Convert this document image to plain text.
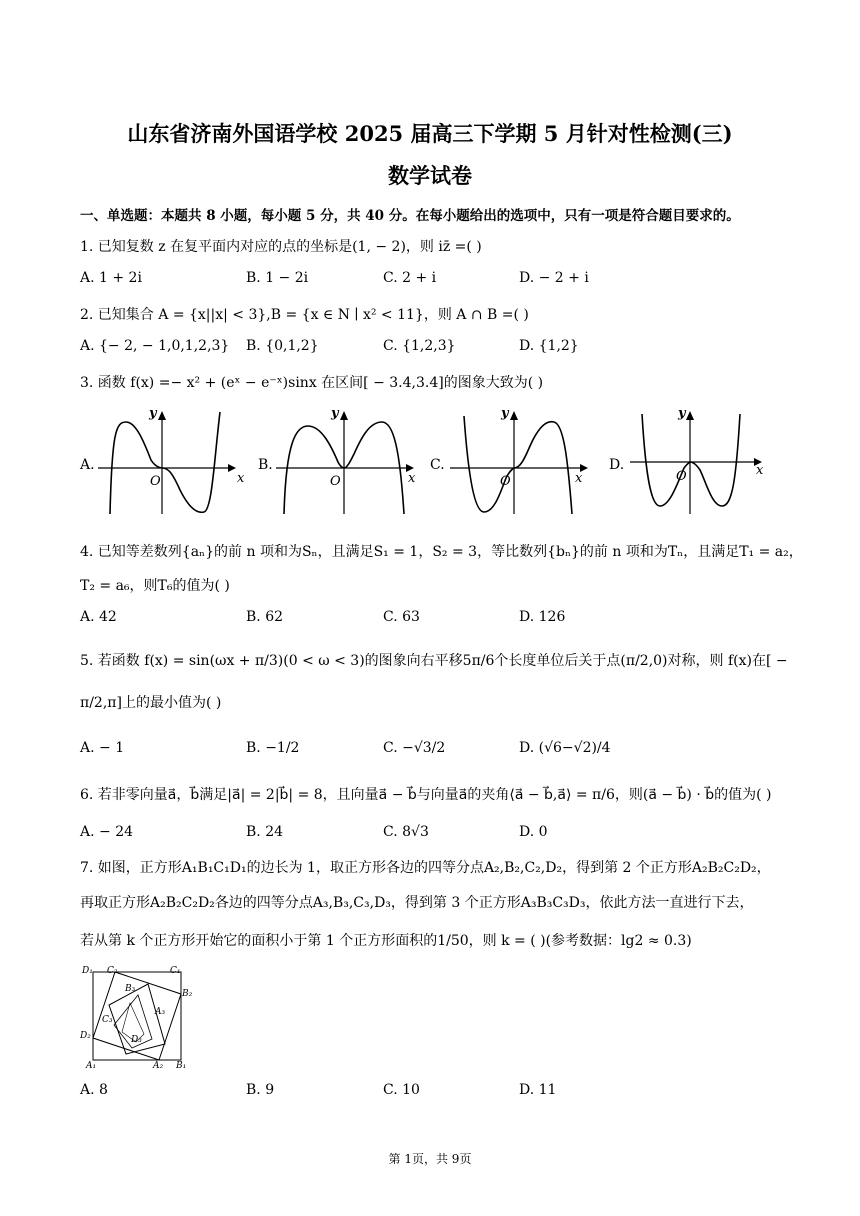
山东省济南外国语学校 2025 届高三下学期 5 月针对性检测(三)
数学试卷
一、单选题：本题共 8 小题，每小题 5 分，共 40 分。在每小题给出的选项中，只有一项是符合题目要求的。
1. 已知复数 z 在复平面内对应的点的坐标是(1, − 2)，则 iz̄ =( )
A. 1 + 2i	B. 1 − 2i	C. 2 + i	D. − 2 + i
2. 已知集合 A = {x||x| < 3},B = {x ∈ N ∣ x² < 11}，则 A ∩ B =( )
A. {− 2, − 1,0,1,2,3} B. {0,1,2}	C. {1,2,3}	D. {1,2}
3. 函数 f(x) =− x² + (eˣ − e⁻ˣ)sinx 在区间[ − 3.4,3.4]的图象大致为( )
A.	B.	C.	D.
x
y
O	x
y
O	x
y
O
x
y
O
4. 已知等差数列{aₙ}的前 n 项和为Sₙ，且满足S₁ = 1，S₂ = 3，等比数列{bₙ}的前 n 项和为Tₙ，且满足T₁ = a₂，
T₂ = a₆，则T₆的值为( )
A. 42	B. 62	C. 63	D. 126
5. 若函数 f(x) = sin(ωx + π/3)(0 < ω < 3)的图象向右平移5π/6个长度单位后关于点(π/2,0)对称，则 f(x)在[ −
π/2,π]上的最小值为( )
A. − 1	B. −1/2	C. −√3/2	D. (√6−√2)/4
6. 若非零向量a⃗，b⃗满足|a⃗| = 2|b⃗| = 8，且向量a⃗ − b⃗与向量a⃗的夹角⟨a⃗ − b⃗,a⃗⟩ = π/6，则(a⃗ − b⃗) · b⃗的值为( )
A. − 24	B. 24	C. 8√3	D. 0
7. 如图，正方形A₁B₁C₁D₁的边长为 1，取正方形各边的四等分点A₂,B₂,C₂,D₂，得到第 2 个正方形A₂B₂C₂D₂，
再取正方形A₂B₂C₂D₂各边的四等分点A₃,B₃,C₃,D₃，得到第 3 个正方形A₃B₃C₃D₃，依此方法一直进行下去，
若从第 k 个正方形开始它的面积小于第 1 个正方形面积的1/50，则 k = ( )(参考数据：lg2 ≈ 0.3)
D₁ C₂	C₁
B₃	B₂
A₃
C₃
D₂	D₃
A₁	A₂ B₁
A. 8	B. 9	C. 10	D. 11
第 1页，共 9页
